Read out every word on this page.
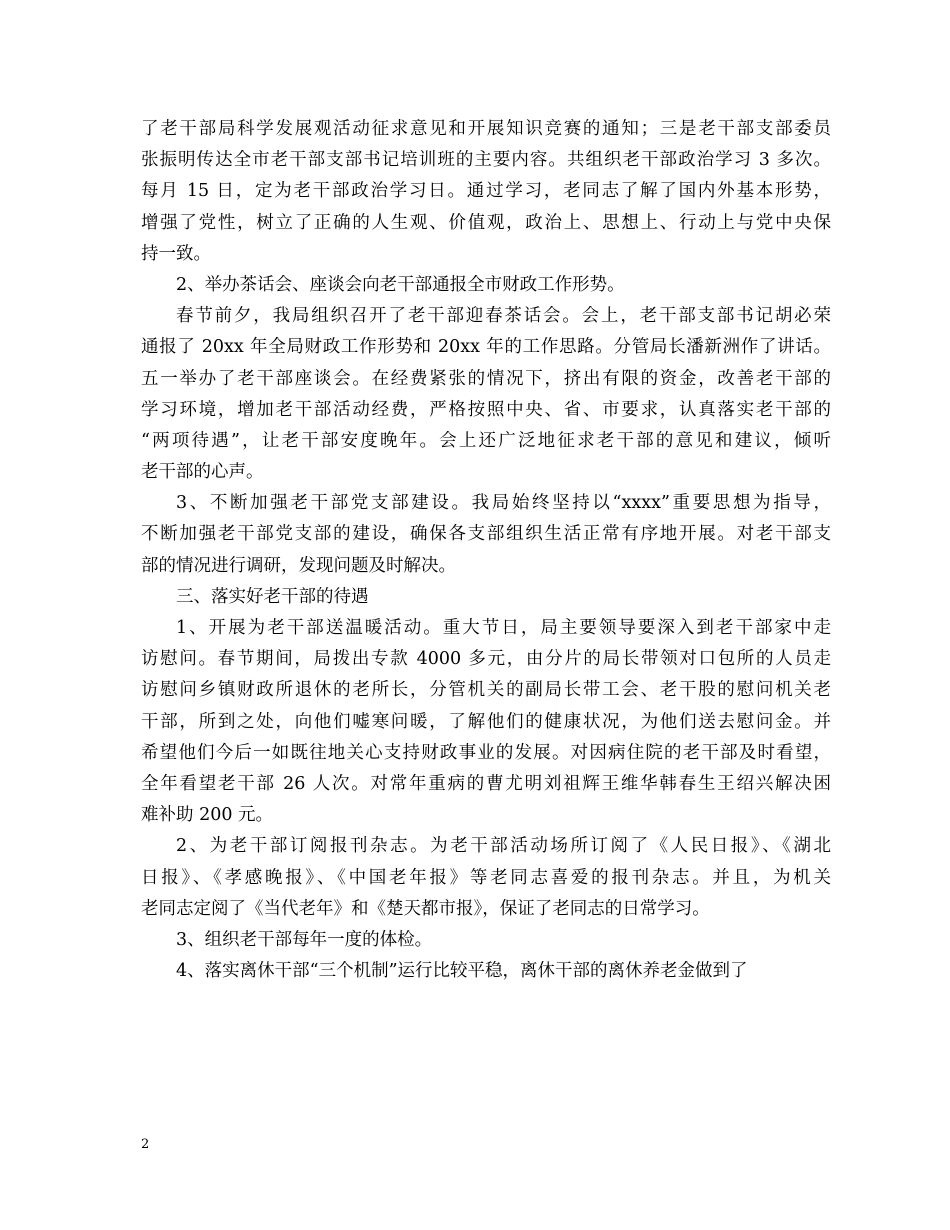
了老干部局科学发展观活动征求意见和开展知识竞赛的通知；三是老干部支部委员
张振明传达全市老干部支部书记培训班的主要内容。共组织老干部政治学习 3 多次。
每月 15 日，定为老干部政治学习日。通过学习，老同志了解了国内外基本形势，
增强了党性，树立了正确的人生观、价值观，政治上、思想上、行动上与党中央保
持一致。
2、举办茶话会、座谈会向老干部通报全市财政工作形势。
春节前夕，我局组织召开了老干部迎春茶话会。会上，老干部支部书记胡必荣
通报了 20xx 年全局财政工作形势和 20xx 年的工作思路。分管局长潘新洲作了讲话。
五一举办了老干部座谈会。在经费紧张的情况下，挤出有限的资金，改善老干部的
学习环境，增加老干部活动经费，严格按照中央、省、市要求，认真落实老干部的
“两项待遇”，让老干部安度晚年。会上还广泛地征求老干部的意见和建议，倾听
老干部的心声。
3、不断加强老干部党支部建设。我局始终坚持以“xxxx”重要思想为指导，
不断加强老干部党支部的建设，确保各支部组织生活正常有序地开展。对老干部支
部的情况进行调研，发现问题及时解决。
三、落实好老干部的待遇
1、开展为老干部送温暖活动。重大节日，局主要领导要深入到老干部家中走
访慰问。春节期间，局拨出专款 4000 多元，由分片的局长带领对口包所的人员走
访慰问乡镇财政所退休的老所长，分管机关的副局长带工会、老干股的慰问机关老
干部，所到之处，向他们嘘寒问暖，了解他们的健康状况，为他们送去慰问金。并
希望他们今后一如既往地关心支持财政事业的发展。对因病住院的老干部及时看望，
全年看望老干部 26 人次。对常年重病的曹尤明刘祖辉王维华韩春生王绍兴解决困
难补助 200 元。
2、为老干部订阅报刊杂志。为老干部活动场所订阅了《人民日报》、《湖北
日报》、《孝感晚报》、《中国老年报》等老同志喜爱的报刊杂志。并且，为机关
老同志定阅了《当代老年》和《楚天都市报》，保证了老同志的日常学习。
3、组织老干部每年一度的体检。
4、落实离休干部“三个机制”运行比较平稳，离休干部的离休养老金做到了
2
